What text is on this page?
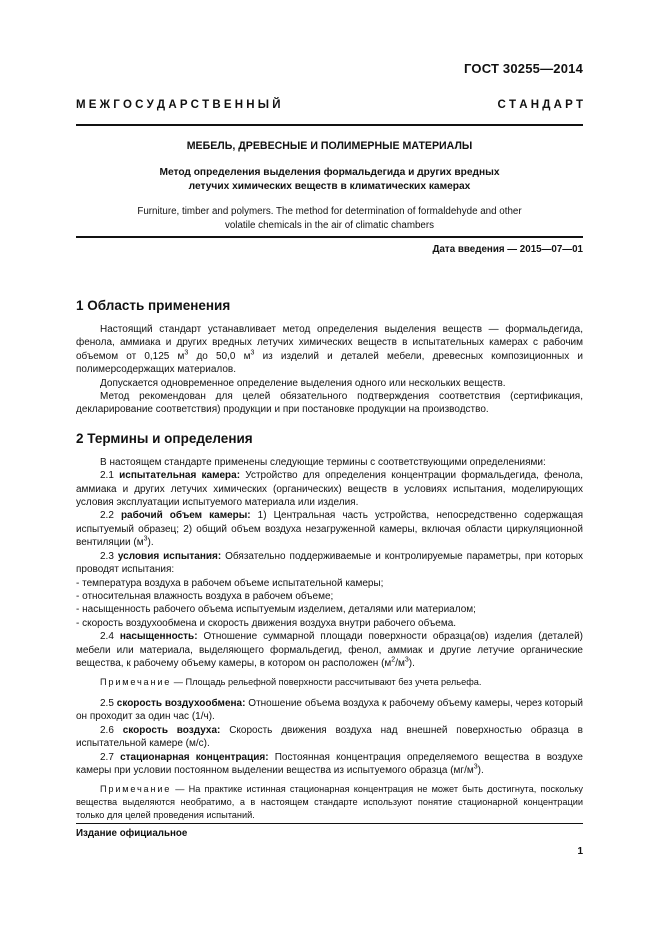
ГОСТ 30255—2014
М Е Ж Г О С У Д А Р С Т В Е Н Н Ы Й	С Т А Н Д А Р Т
МЕБЕЛЬ, ДРЕВЕСНЫЕ И ПОЛИМЕРНЫЕ МАТЕРИАЛЫ
Метод определения выделения формальдегида и других вредных
летучих химических веществ в климатических камерах
Furniture, timber and polymers. The method for determination of formaldehyde and other
volatile chemicals in the air of climatic chambers
Дата введения — 2015—07—01
1 Область применения

Настоящий стандарт устанавливает метод определения выделения веществ — формальдегида, фенола, аммиака и других вредных летучих химических веществ в испытательных камерах с рабочим объемом от 0,125 $м^3$ до 50,0 $м^3$ из изделий и деталей мебели, древесных композиционных и полимерсодержащих материалов.

Допускается одновременное определение выделения одного или нескольких веществ.

Метод рекомендован для целей обязательного подтверждения соответствия (сертификация, декларирование соответствия) продукции и при постановке продукции на производство.

2 Термины и определения

В настоящем стандарте применены следующие термины с соответствующими определениями:

2.1 испытательная камера: Устройство для определения концентрации формальдегида, фенола, аммиака и других летучих химических (органических) веществ в условиях испытания, моделирующих условия эксплуатации испытуемого материала или изделия.

2.2 рабочий объем камеры: 1) Центральная часть устройства, непосредственно содержащая испытуемый образец; 2) общий объем воздуха незагруженной камеры, включая области циркуляционной вентиляции $(м^3)$.

2.3 условия испытания: Обязательно поддерживаемые и контролируемые параметры, при которых проводят испытания:

- температура воздуха в рабочем объеме испытательной камеры;
- относительная влажность воздуха в рабочем объеме;
- насыщенность рабочего объема испытуемым изделием, деталями или материалом;
- скорость воздухообмена и скорость движения воздуха внутри рабочего объема.

2.4 насыщенность: Отношение суммарной площади поверхности образца(ов) изделия (деталей) мебели или материала, выделяющего формальдегид, фенол, аммиак и другие летучие органические вещества, к рабочему объему камеры, в котором он расположен $(м^2/м^3)$.

Примечание — Площадь рельефной поверхности рассчитывают без учета рельефа.

2.5 скорость воздухообмена: Отношение объема воздуха к рабочему объему камеры, через который он проходит за один час (1/ч).

2.6 скорость воздуха: Скорость движения воздуха над внешней поверхностью образца в испытательной камере (м/с).

2.7 стационарная концентрация: Постоянная концентрация определяемого вещества в воздухе камеры при условии постоянном выделении вещества из испытуемого образца $(мг/м^3)$.

Примечание — На практике истинная стационарная концентрация не может быть достигнута, поскольку вещества выделяются необратимо, а в настоящем стандарте используют понятие стационарной концентрации только для целей проведения испытаний.

Издание официальное
1
